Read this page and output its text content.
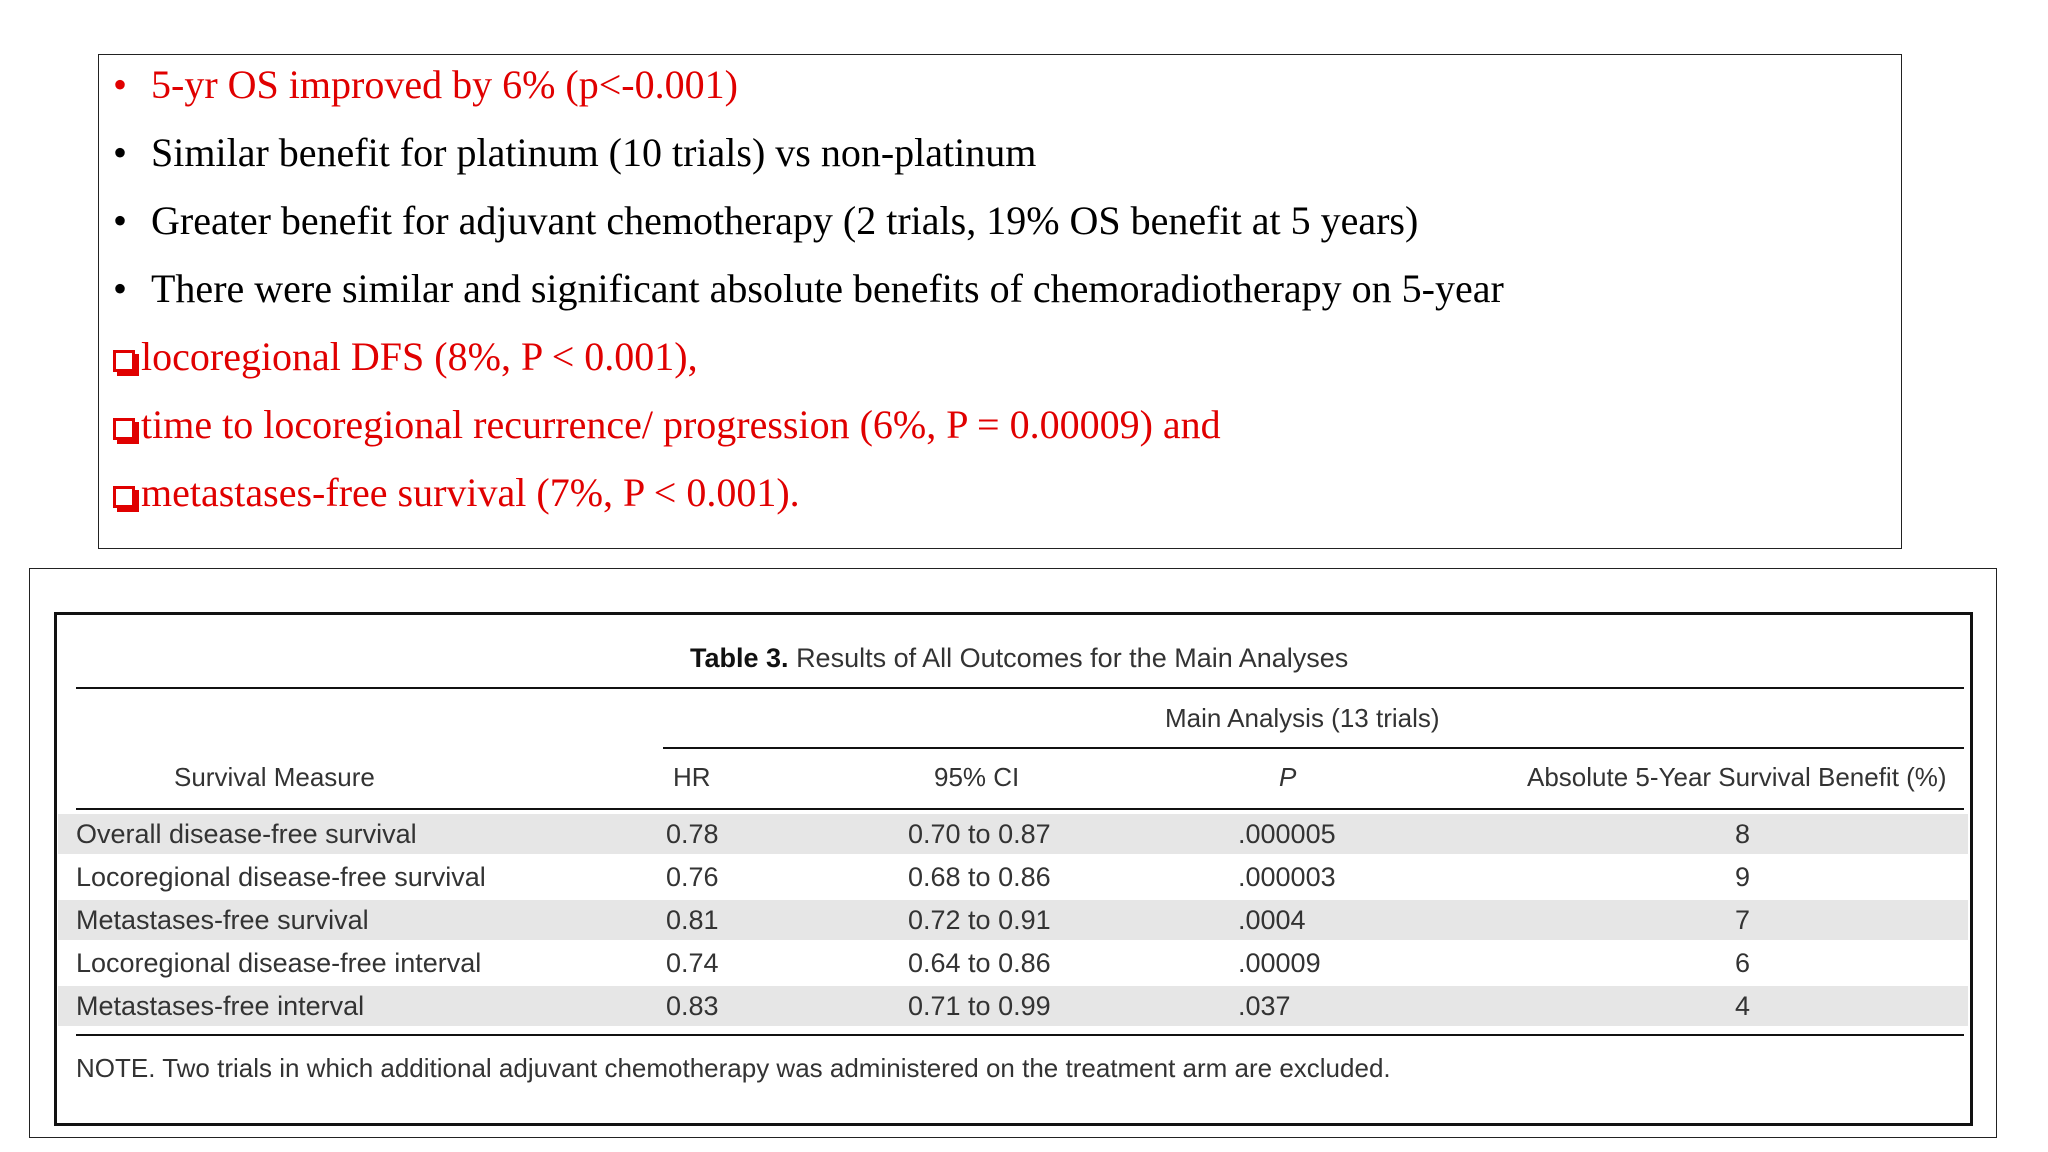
• 5-yr OS improved by 6% (p<-0.001)
• Similar benefit for platinum (10 trials) vs non-platinum
• Greater benefit for adjuvant chemotherapy (2 trials, 19% OS benefit at 5 years)
• There were similar and significant absolute benefits of chemoradiotherapy on 5-year
locoregional DFS (8%, P < 0.001),
time to locoregional recurrence/ progression (6%, P = 0.00009) and
metastases-free survival (7%, P < 0.001).
Table 3. Results of All Outcomes for the Main Analyses
Main Analysis (13 trials)
Survival Measure	HR	95% CI	P	Absolute 5-Year Survival Benefit (%)
Overall disease-free survival	0.78	0.70 to 0.87	.000005	8
Locoregional disease-free survival	0.76	0.68 to 0.86	.000003	9
Metastases-free survival	0.81	0.72 to 0.91	.0004	7
Locoregional disease-free interval	0.74	0.64 to 0.86	.00009	6
Metastases-free interval	0.83	0.71 to 0.99	.037	4
NOTE. Two trials in which additional adjuvant chemotherapy was administered on the treatment arm are excluded.
